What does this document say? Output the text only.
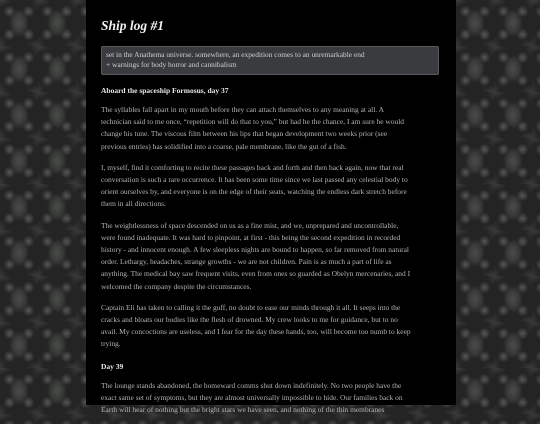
Ship log #1
set in the Anathema universe. somewhere, an expedition comes to an unremarkable end
+ warnings for body horror and cannibalism
Aboard the spaceship Formosus, day 37

The syllables fall apart in my mouth before they can attach themselves to any meaning at all. A
technician said to me once, “repetition will do that to you,” but had he the chance, I am sure he would
change his tune. The viscous film between his lips that began development two weeks prior (see
previous entries) has solidified into a coarse, pale membrane, like the gut of a fish.

I, myself, find it comforting to recite these passages back and forth and then back again, now that real
conversation is such a rare occurrence. It has been some time since we last passed any celestial body to
orient ourselves by, and everyone is on the edge of their seats, watching the endless dark stretch before
them in all directions.

The weightlessness of space descended on us as a fine mist, and we, unprepared and uncontrollable,
were found inadequate. It was hard to pinpoint, at first - this being the second expedition in recorded
history - and innocent enough. A few sleepless nights are bound to happen, so far removed from natural
order. Lethargy, headaches, strange growths - we are not children. Pain is as much a part of life as
anything. The medical bay saw frequent visits, even from ones so guarded as Obelyn mercenaries, and I
welcomed the company despite the circumstances.

Captain Eli has taken to calling it the guff, no doubt to ease our minds through it all. It seeps into the
cracks and bloats our bodies like the flesh of drowned. My crew looks to me for guidance, but to no
avail. My concoctions are useless, and I fear for the day these hands, too, will become too numb to keep
trying.

Day 39

The lounge stands abandoned, the homeward comms shut down indefinitely. No two people have the
exact same set of symptoms, but they are almost universally impossible to hide. Our families back on
Earth will hear of nothing but the bright stars we have seen, and nothing of the thin membranes
